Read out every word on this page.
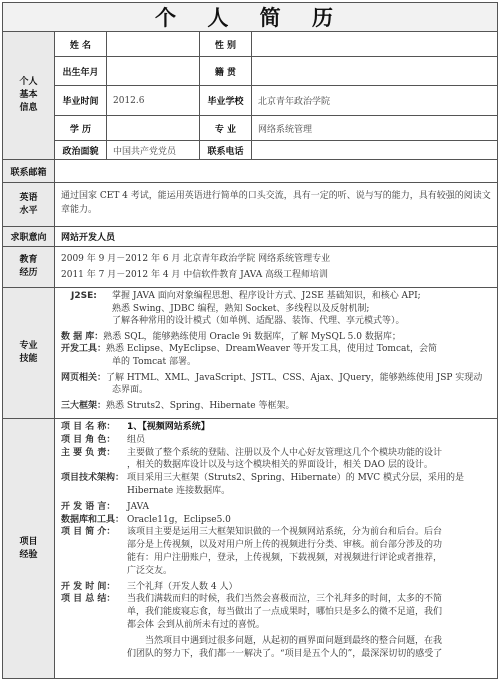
个 人 简 历
个人
基本
信息
姓 名	性 别
出生年月	籍 贯
毕业时间 2012.6	毕业学校 北京青年政治学院
学 历	专 业 网络系统管理
政治面貌 中国共产党党员	联系电话
联系邮箱
英语
水平
通过国家 CET 4 考试，能运用英语进行简单的口头交流，具有一定的听、说与写的能力，具有较强的阅读文章能力。
求职意向 网站开发人员
教育
经历
2009 年 9 月－2012 年 6 月 北京青年政治学院 网络系统管理专业
2011 年 7 月－2012 年 4 月 中信软件教育 JAVA 高级工程师培训
专业
技能
J2SE:	掌握 JAVA 面向对象编程思想、程序设计方式、J2SE 基础知识，和核心 API;
熟悉 Swing、JDBC 编程，熟知 Socket、多线程以及反射机制;
了解各种常用的设计模式（如单例、适配器、装饰、代理、享元模式等）。
数 据 库： 熟悉 SQL，能够熟练使用 Oracle 9i 数据库，了解 MySQL 5.0 数据库；
开发工具： 熟悉 Eclipse、MyEclipse、DreamWeaver 等开发工具，使用过 Tomcat，会简
单的 Tomcat 部署。
网页相关： 了解 HTML、XML、JavaScript、JSTL、CSS、Ajax、JQuery，能够熟练使用 JSP 实现动
态界面。
三大框架： 熟悉 Struts2、Spring、Hibernate 等框架。
项目
经验
项 目 名 称：	1、【视频网站系统】
项 目 角 色：	组员
主 要 负 责：	主要做了整个系统的登陆、注册以及个人中心好友管理这几个个模块功能的设计
，相关的数据库设计以及与这个模块相关的界面设计，相关 DAO 层的设计。
项目技术架构： 项目采用三大框架（Struts2、Spring、Hibernate）的 MVC 模式分层，采用的是
Hibernate 连接数据库。
开 发 语 言：	JAVA
数据库和工具： Oracle11g，Eclipse5.0
项 目 简 介：	该项目主要是运用三大框架知识做的一个视频网站系统，分为前台和后台。后台
部分是上传视频，以及对用户所上传的视频进行分类、审核。前台部分涉及的功
能有：用户注册账户，登录，上传视频，下载视频，对视频进行评论或者推荐，
广泛交友。
开 发 时 间：	三个礼拜（开发人数 4 人）
项 目 总 结：	当我们满载而归的时候，我们当然会喜极而泣，三个礼拜多的时间，太多的不简
单，我们能废寝忘食，每当做出了一点成果时，哪怕只是多么的微不足道，我们
都会体 会到从前所未有过的喜悦。
当然项目中遇到过很多问题，从起初的画界面问题到最终的整合问题，在我
们团队的努力下，我们都一一解决了。“项目是五个人的”，最深深切切的感受了
